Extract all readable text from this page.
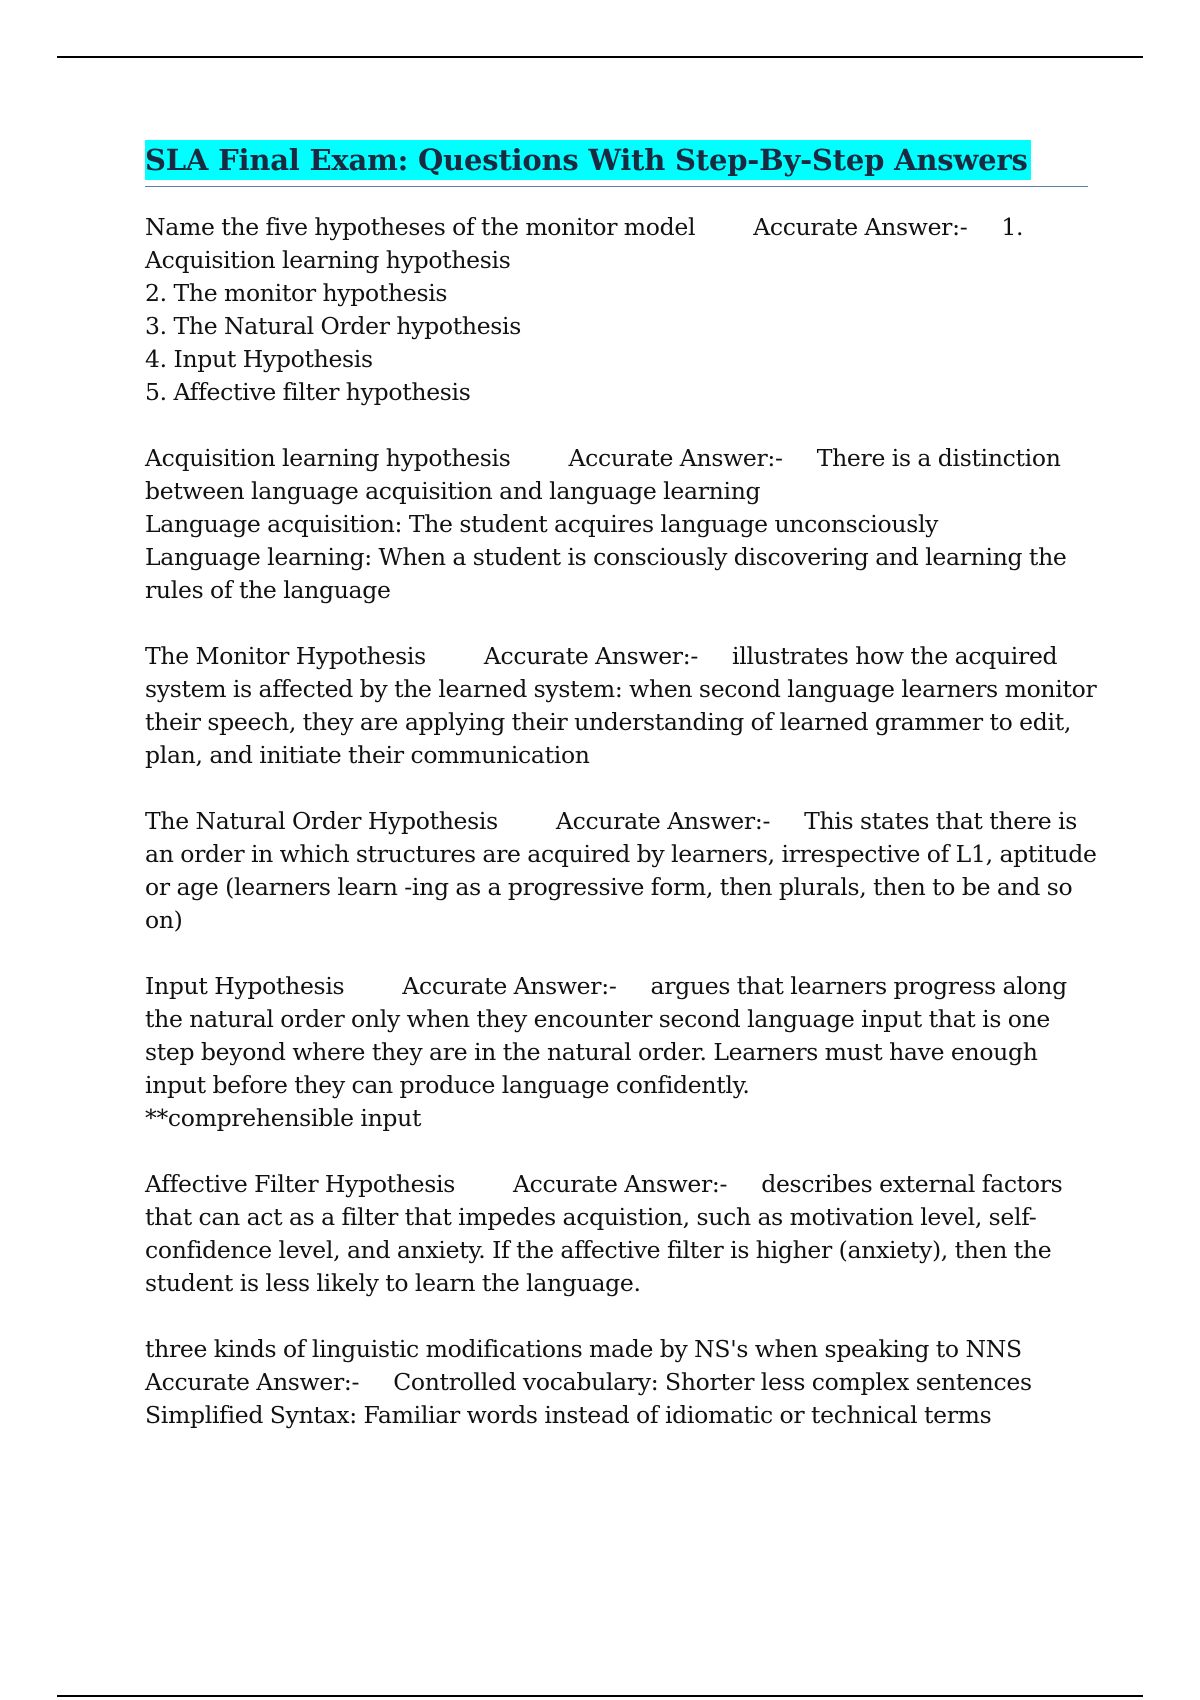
SLA Final Exam: Questions With Step-By-Step Answers
Name the five hypotheses of the monitor model Accurate Answer:- 1. Acquisition learning hypothesis
2. The monitor hypothesis
3. The Natural Order hypothesis
4. Input Hypothesis
5. Affective filter hypothesis
Acquisition learning hypothesis Accurate Answer:- There is a distinction between language acquisition and language learning
Language acquisition: The student acquires language unconsciously
Language learning: When a student is consciously discovering and learning the rules of the language
The Monitor Hypothesis Accurate Answer:- illustrates how the acquired system is affected by the learned system: when second language learners monitor their speech, they are applying their understanding of learned grammer to edit, plan, and initiate their communication
The Natural Order Hypothesis Accurate Answer:- This states that there is an order in which structures are acquired by learners, irrespective of L1, aptitude or age (learners learn -ing as a progressive form, then plurals, then to be and so on)
Input Hypothesis Accurate Answer:- argues that learners progress along the natural order only when they encounter second language input that is one step beyond where they are in the natural order. Learners must have enough input before they can produce language confidently.
**comprehensible input
Affective Filter Hypothesis Accurate Answer:- describes external factors that can act as a filter that impedes acquistion, such as motivation level, self-confidence level, and anxiety. If the affective filter is higher (anxiety), then the student is less likely to learn the language.
three kinds of linguistic modifications made by NS's when speaking to NNS
Accurate Answer:- Controlled vocabulary: Shorter less complex sentences
Simplified Syntax: Familiar words instead of idiomatic or technical terms
